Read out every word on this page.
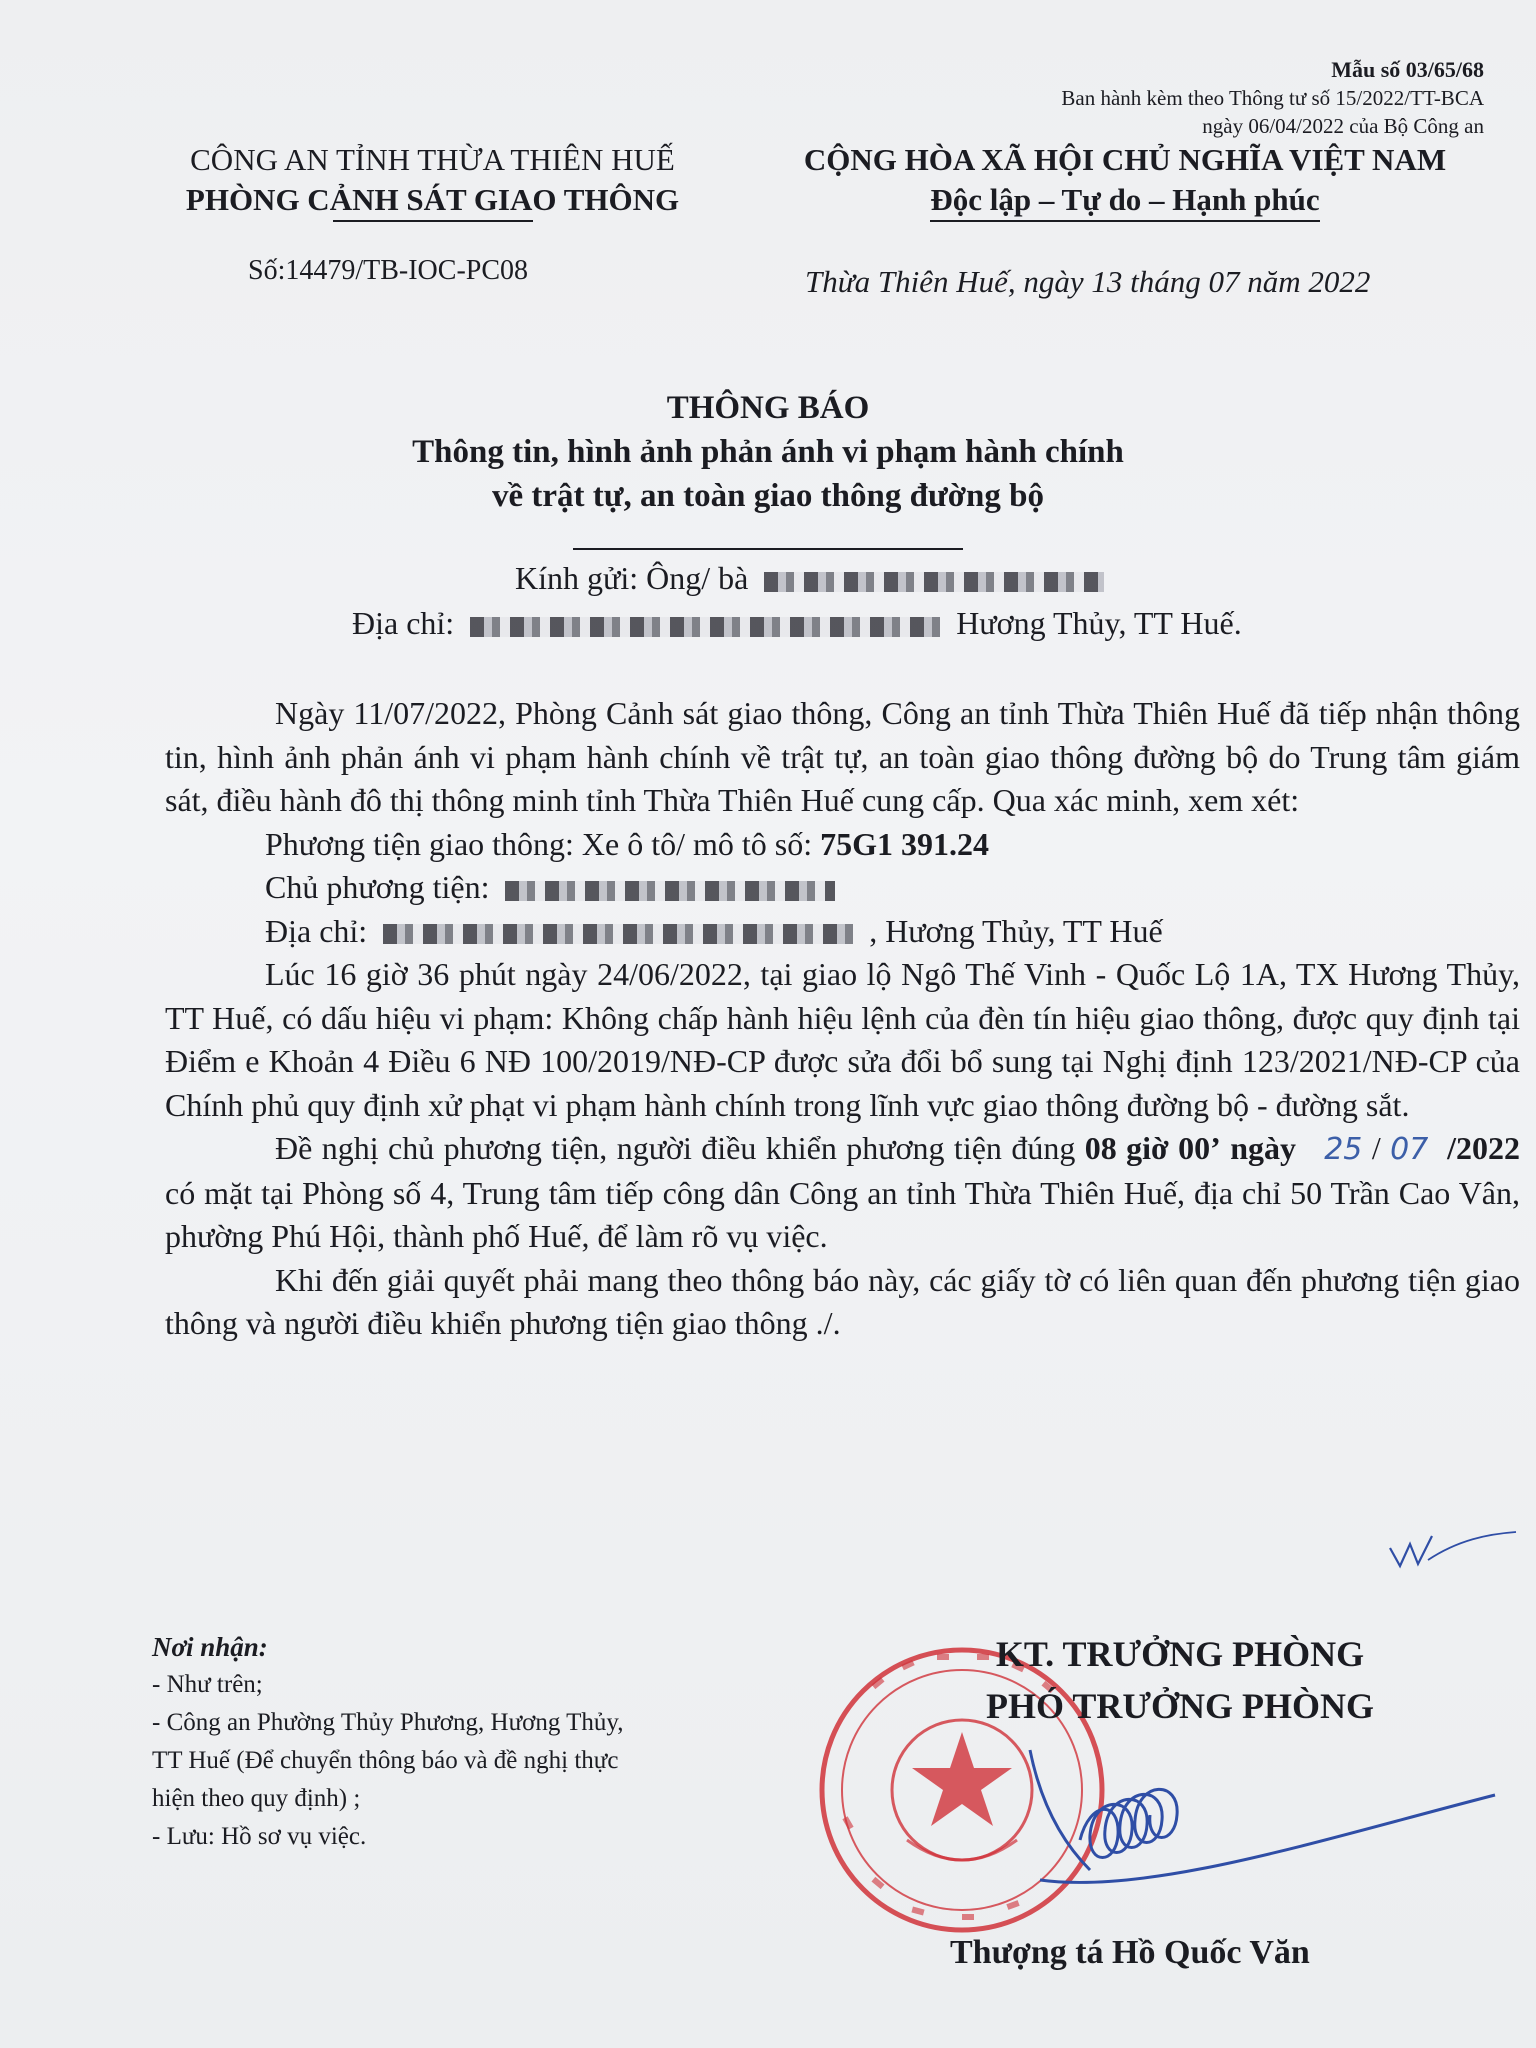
Mẫu số 03/65/68
Ban hành kèm theo Thông tư số 15/2022/TT-BCA
ngày 06/04/2022 của Bộ Công an
CÔNG AN TỈNH THỪA THIÊN HUẾ
PHÒNG CẢNH SÁT GIAO THÔNG
CỘNG HÒA XÃ HỘI CHỦ NGHĨA VIỆT NAM
Độc lập – Tự do – Hạnh phúc
Số:14479/TB-IOC-PC08	Thừa Thiên Huế, ngày 13 tháng 07 năm 2022
THÔNG BÁO
Thông tin, hình ảnh phản ánh vi phạm hành chính
về trật tự, an toàn giao thông đường bộ
Kính gửi: Ông/ bà
Địa chỉ:	Hương Thủy, TT Huế.

Ngày 11/07/2022, Phòng Cảnh sát giao thông, Công an tỉnh Thừa Thiên Huế đã tiếp nhận thông tin, hình ảnh phản ánh vi phạm hành chính về trật tự, an toàn giao thông đường bộ do Trung tâm giám sát, điều hành đô thị thông minh tỉnh Thừa Thiên Huế cung cấp. Qua xác minh, xem xét:

Phương tiện giao thông: Xe ô tô/ mô tô số: 75G1 391.24

Chủ phương tiện:

Địa chỉ:	, Hương Thủy, TT Huế

Lúc 16 giờ 36 phút ngày 24/06/2022, tại giao lộ Ngô Thế Vinh - Quốc Lộ 1A, TX Hương Thủy, TT Huế, có dấu hiệu vi phạm: Không chấp hành hiệu lệnh của đèn tín hiệu giao thông, được quy định tại Điểm e Khoản 4 Điều 6 NĐ 100/2019/NĐ-CP được sửa đổi bổ sung tại Nghị định 123/2021/NĐ-CP của Chính phủ quy định xử phạt vi phạm hành chính trong lĩnh vực giao thông đường bộ - đường sắt.

Đề nghị chủ phương tiện, người điều khiển phương tiện đúng 08 giờ 00’ ngày 25 / 07 /2022 có mặt tại Phòng số 4, Trung tâm tiếp công dân Công an tỉnh Thừa Thiên Huế, địa chỉ 50 Trần Cao Vân, phường Phú Hội, thành phố Huế, để làm rõ vụ việc.

Khi đến giải quyết phải mang theo thông báo này, các giấy tờ có liên quan đến phương tiện giao thông và người điều khiển phương tiện giao thông ./.

Nơi nhận:
- Như trên;
- Công an Phường Thủy Phương, Hương Thủy,
TT Huế (Để chuyển thông báo và đề nghị thực
hiện theo quy định) ;
- Lưu: Hồ sơ vụ việc.
KT. TRƯỞNG PHÒNG
PHÓ TRƯỞNG PHÒNG
Thượng tá Hồ Quốc Văn
